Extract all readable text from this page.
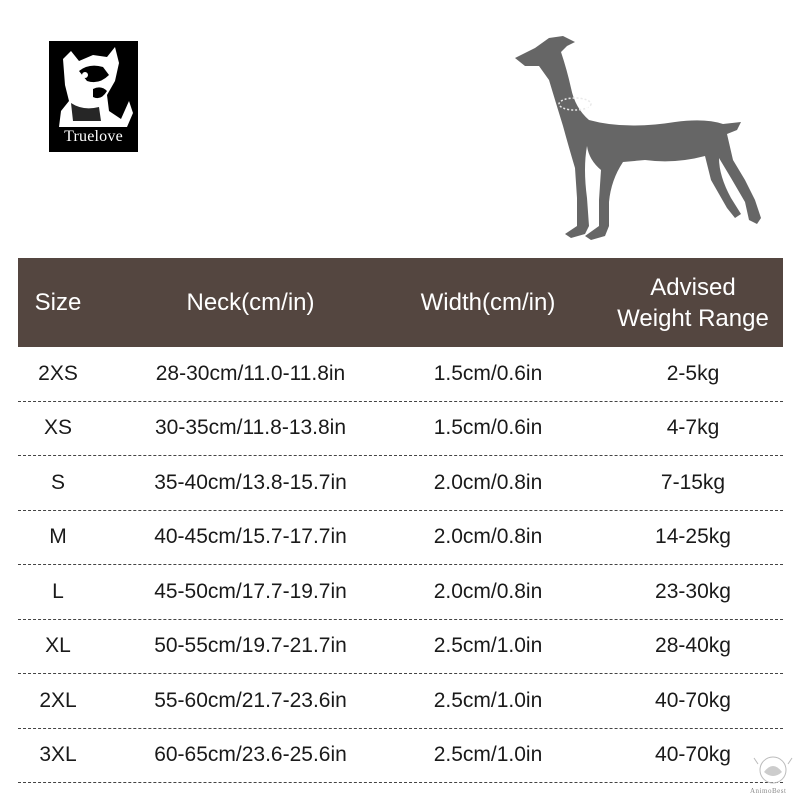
Truelove
Neck
Size	Neck(cm/in)	Width(cm/in)
Advised
Weight Range
2XS	28-30cm/11.0-11.8in	1.5cm/0.6in	2-5kg
XS	30-35cm/11.8-13.8in	1.5cm/0.6in	4-7kg
S	35-40cm/13.8-15.7in	2.0cm/0.8in	7-15kg
M	40-45cm/15.7-17.7in	2.0cm/0.8in	14-25kg
L	45-50cm/17.7-19.7in	2.0cm/0.8in	23-30kg
XL	50-55cm/19.7-21.7in	2.5cm/1.0in	28-40kg
2XL	55-60cm/21.7-23.6in	2.5cm/1.0in	40-70kg
3XL	60-65cm/23.6-25.6in	2.5cm/1.0in	40-70kg
AnimoBest
